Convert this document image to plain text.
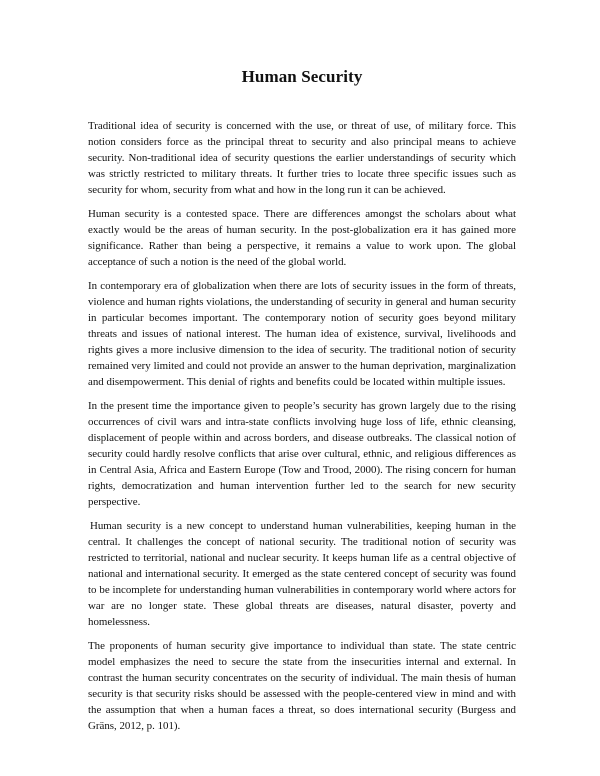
Human Security

Traditional idea of security is concerned with the use, or threat of use, of military force. This notion considers force as the principal threat to security and also principal means to achieve security. Non-traditional idea of security questions the earlier understandings of security which was strictly restricted to military threats. It further tries to locate three specific issues such as security for whom, security from what and how in the long run it can be achieved.

Human security is a contested space. There are differences amongst the scholars about what exactly would be the areas of human security. In the post-globalization era it has gained more significance. Rather than being a perspective, it remains a value to work upon. The global acceptance of such a notion is the need of the global world.

In contemporary era of globalization when there are lots of security issues in the form of threats, violence and human rights violations, the understanding of security in general and human security in particular becomes important. The contemporary notion of security goes beyond military threats and issues of national interest. The human idea of existence, survival, livelihoods and rights gives a more inclusive dimension to the idea of security. The traditional notion of security remained very limited and could not provide an answer to the human deprivation, marginalization and disempowerment. This denial of rights and benefits could be located within multiple issues.

In the present time the importance given to people’s security has grown largely due to the rising occurrences of civil wars and intra-state conflicts involving huge loss of life, ethnic cleansing, displacement of people within and across borders, and disease outbreaks. The classical notion of security could hardly resolve conflicts that arise over cultural, ethnic, and religious differences as in Central Asia, Africa and Eastern Europe (Tow and Trood, 2000). The rising concern for human rights, democratization and human intervention further led to the search for new security perspective.

Human security is a new concept to understand human vulnerabilities, keeping human in the central. It challenges the concept of national security. The traditional notion of security was restricted to territorial, national and nuclear security. It keeps human life as a central objective of national and international security. It emerged as the state centered concept of security was found to be incomplete for understanding human vulnerabilities in contemporary world where actors for war are no longer state. These global threats are diseases, natural disaster, poverty and homelessness.

The proponents of human security give importance to individual than state. The state centric model emphasizes the need to secure the state from the insecurities internal and external. In contrast the human security concentrates on the security of individual. The main thesis of human security is that security risks should be assessed with the people-centered view in mind and with the assumption that when a human faces a threat, so does international security (Burgess and Gräns, 2012, p. 101).
